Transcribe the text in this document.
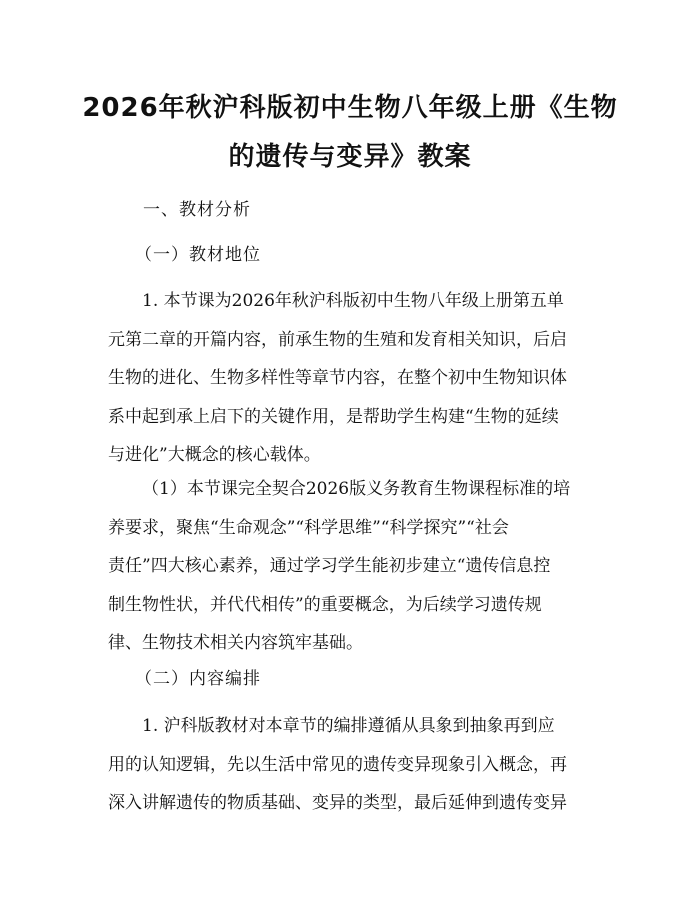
2026年秋沪科版初中生物八年级上册《生物
的遗传与变异》教案
一、教材分析
（一）教材地位
1. 本节课为2026年秋沪科版初中生物八年级上册第五单
元第二章的开篇内容，前承生物的生殖和发育相关知识，后启
生物的进化、生物多样性等章节内容，在整个初中生物知识体
系中起到承上启下的关键作用，是帮助学生构建“生物的延续
与进化”大概念的核心载体。
（1）本节课完全契合2026版义务教育生物课程标准的培
养要求，聚焦“生命观念”“科学思维”“科学探究”“社会
责任”四大核心素养，通过学习学生能初步建立“遗传信息控
制生物性状，并代代相传”的重要概念，为后续学习遗传规
律、生物技术相关内容筑牢基础。
（二）内容编排
1. 沪科版教材对本章节的编排遵循从具象到抽象再到应
用的认知逻辑，先以生活中常见的遗传变异现象引入概念，再
深入讲解遗传的物质基础、变异的类型，最后延伸到遗传变异
